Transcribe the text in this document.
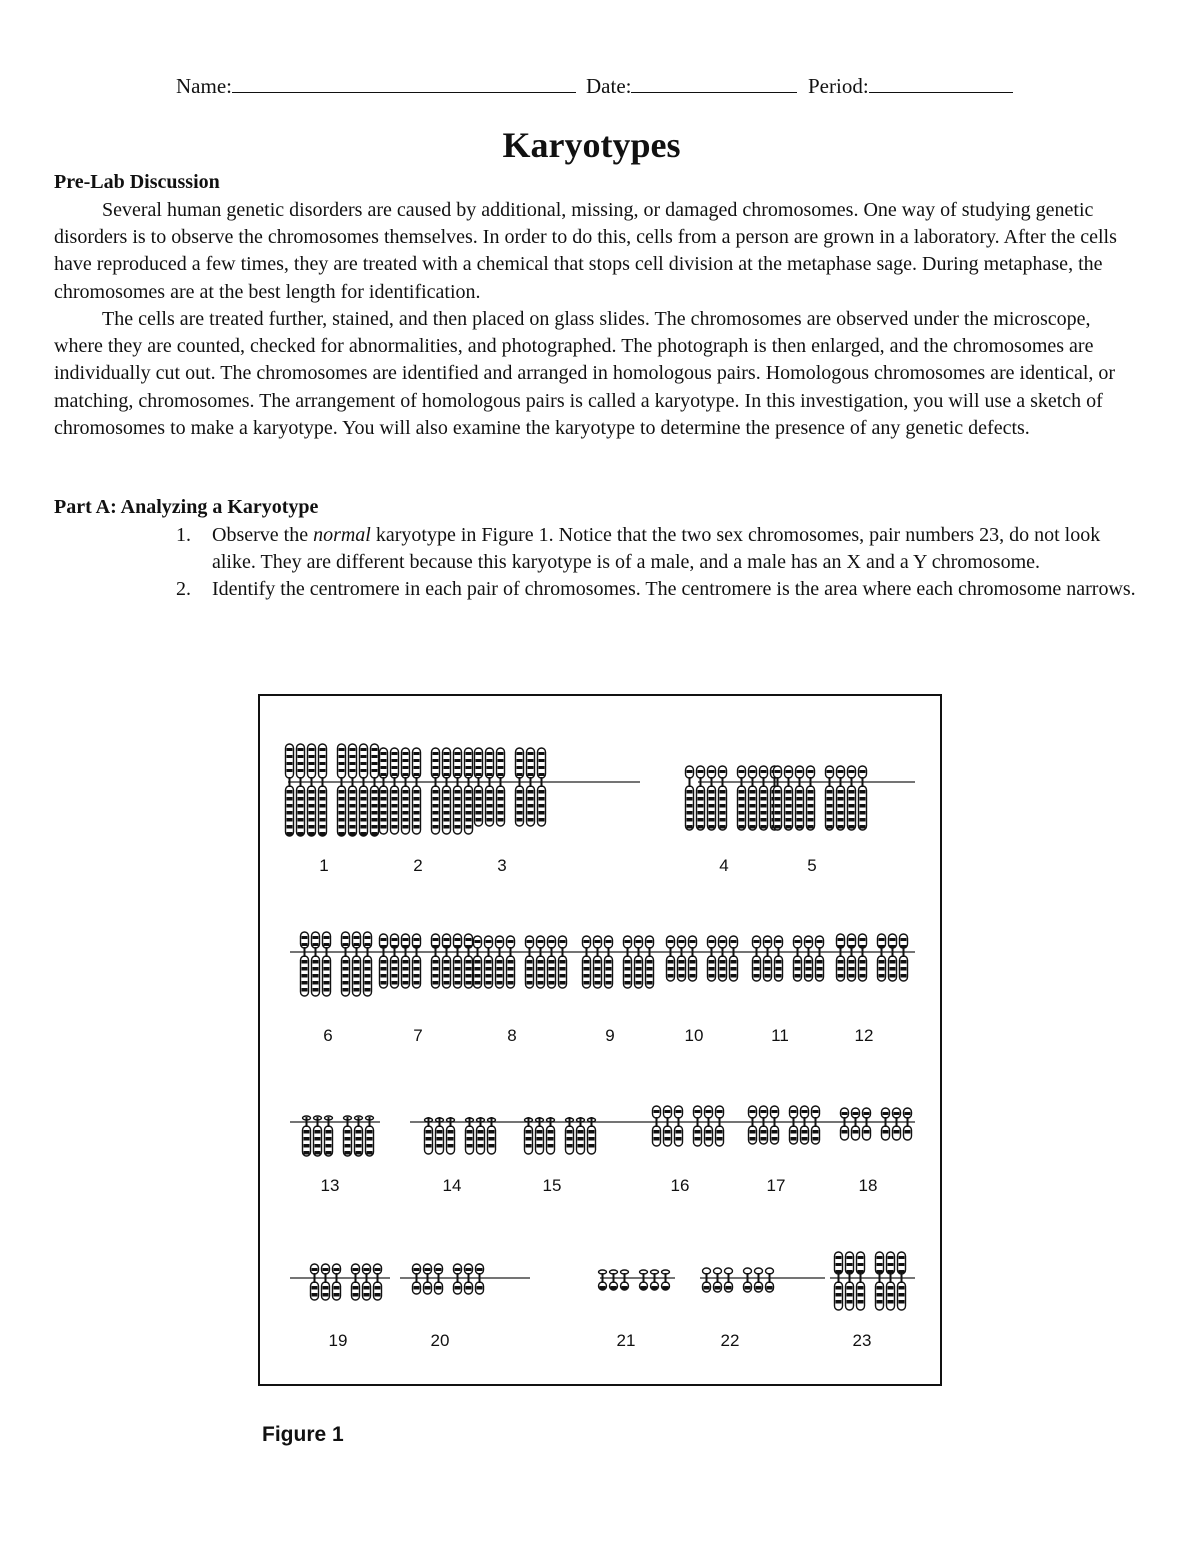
Name:	Date:	Period:
Karyotypes
Pre-Lab Discussion
Several human genetic disorders are caused by additional, missing, or damaged chromosomes. One way of studying genetic disorders is to observe the chromosomes themselves. In order to do this, cells from a person are grown in a laboratory. After the cells have reproduced a few times, they are treated with a chemical that stops cell division at the metaphase sage. During metaphase, the chromosomes are at the best length for identification.
The cells are treated further, stained, and then placed on glass slides. The chromosomes are observed under the microscope, where they are counted, checked for abnormalities, and photographed. The photograph is then enlarged, and the chromosomes are individually cut out. The chromosomes are identified and arranged in homologous pairs. Homologous chromosomes are identical, or matching, chromosomes. The arrangement of homologous pairs is called a karyotype. In this investigation, you will use a sketch of chromosomes to make a karyotype. You will also examine the karyotype to determine the presence of any genetic defects.
Part A: Analyzing a Karyotype
1. Observe the normal karyotype in Figure 1. Notice that the two sex chromosomes, pair numbers 23, do not look alike. They are different because this karyotype is of a male, and a male has an X and a Y chromosome.
2. Identify the centromere in each pair of chromosomes. The centromere is the area where each chromosome narrows.
1	2	3	4	5
6	7	8	9	10	11	12
13	14	15	16	17	18
19	20	21	22	23
Figure 1
